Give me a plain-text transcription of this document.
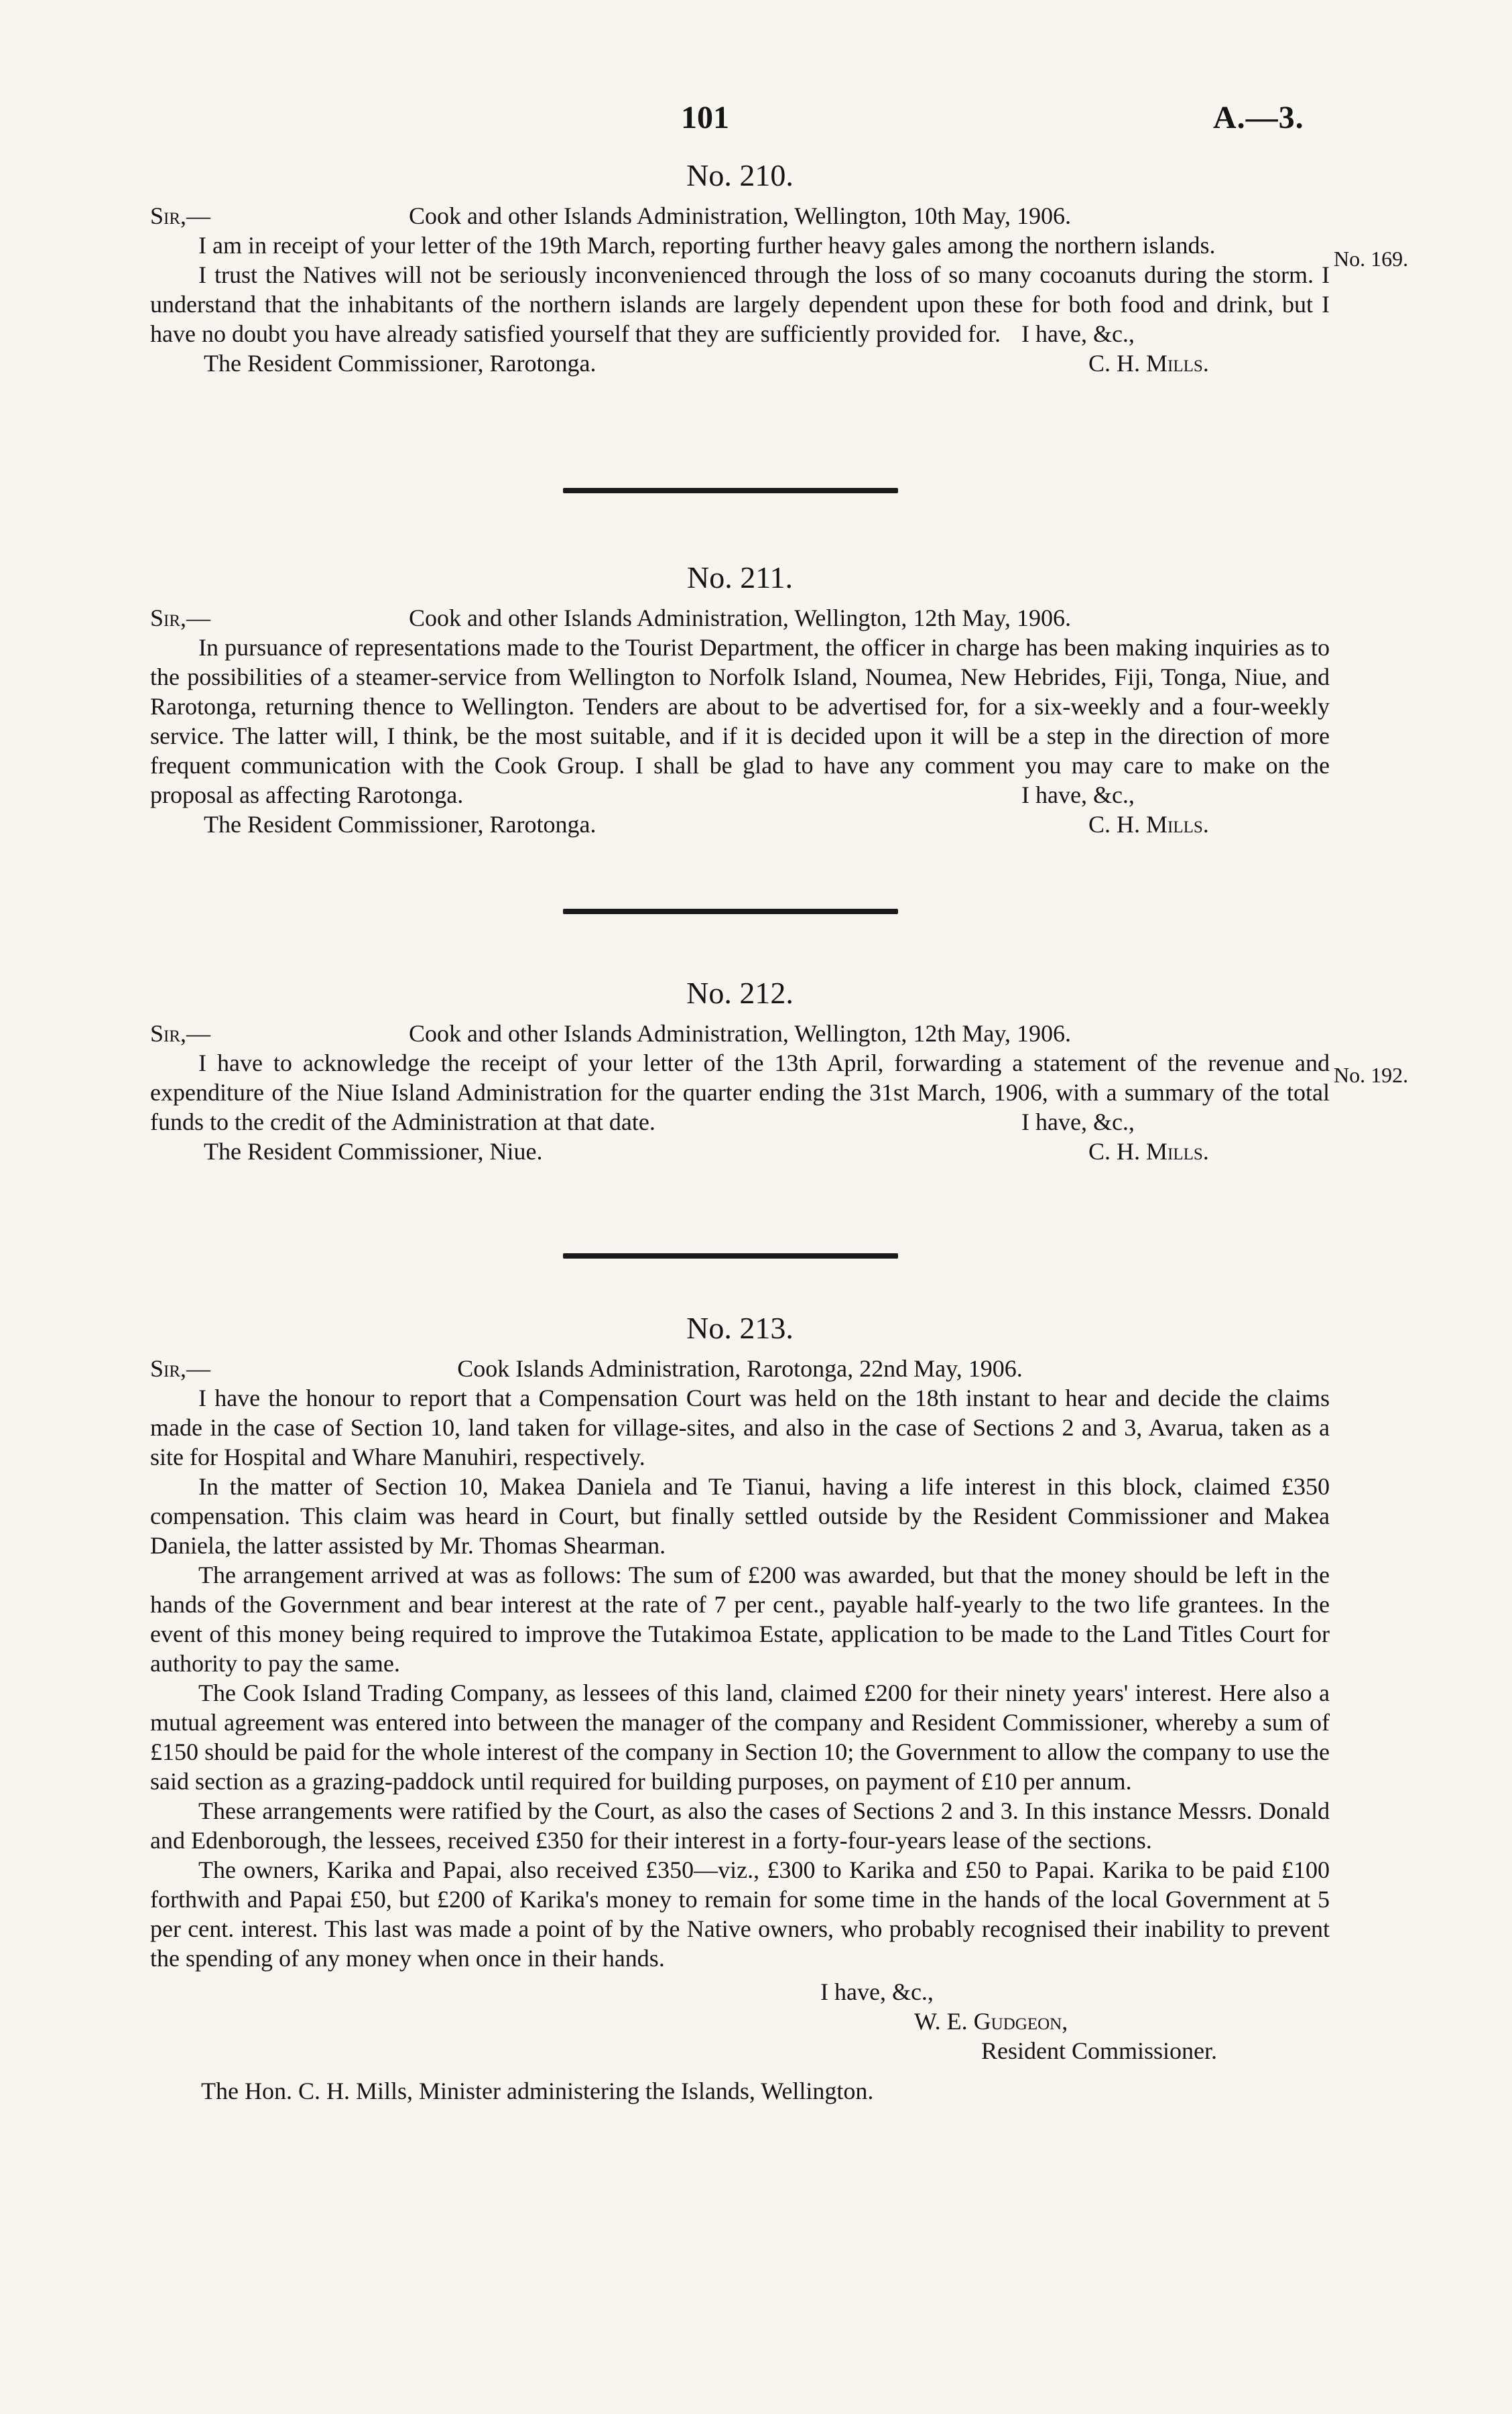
101	A.—3.
No. 210.
Sir,—	Cook and other Islands Administration, Wellington, 10th May, 1906.

I am in receipt of your letter of the 19th March, reporting further heavy gales among the northern islands.

I trust the Natives will not be seriously inconvenienced through the loss of so many cocoanuts during the storm. I understand that the inhabitants of the northern islands are largely dependent upon these for both food and drink, but I have no doubt you have already satisfied yourself that they are sufficiently provided for. I have, &c.,
The Resident Commissioner, Rarotonga.	C. H. Mills.
No. 169.
No. 211.
Sir,—	Cook and other Islands Administration, Wellington, 12th May, 1906.

In pursuance of representations made to the Tourist Department, the officer in charge has been making inquiries as to the possibilities of a steamer-service from Wellington to Norfolk Island, Noumea, New Hebrides, Fiji, Tonga, Niue, and Rarotonga, returning thence to Wellington. Tenders are about to be advertised for, for a six-weekly and a four-weekly service. The latter will, I think, be the most suitable, and if it is decided upon it will be a step in the direction of more frequent communication with the Cook Group. I shall be glad to have any comment you may care to make on the proposal as affecting Rarotonga.	I have, &c.,
The Resident Commissioner, Rarotonga.	C. H. Mills.
No. 212.
Sir,—	Cook and other Islands Administration, Wellington, 12th May, 1906.

I have to acknowledge the receipt of your letter of the 13th April, forwarding a statement of the revenue and expenditure of the Niue Island Administration for the quarter ending the 31st March, 1906, with a summary of the total funds to the credit of the Administration at that date.	I have, &c.,
The Resident Commissioner, Niue.	C. H. Mills.
No. 192.
No. 213.
Sir,—	Cook Islands Administration, Rarotonga, 22nd May, 1906.

I have the honour to report that a Compensation Court was held on the 18th instant to hear and decide the claims made in the case of Section 10, land taken for village-sites, and also in the case of Sections 2 and 3, Avarua, taken as a site for Hospital and Whare Manuhiri, respectively.

In the matter of Section 10, Makea Daniela and Te Tianui, having a life interest in this block, claimed £350 compensation. This claim was heard in Court, but finally settled outside by the Resident Commissioner and Makea Daniela, the latter assisted by Mr. Thomas Shearman.

The arrangement arrived at was as follows: The sum of £200 was awarded, but that the money should be left in the hands of the Government and bear interest at the rate of 7 per cent., payable half-yearly to the two life grantees. In the event of this money being required to improve the Tutakimoa Estate, application to be made to the Land Titles Court for authority to pay the same.

The Cook Island Trading Company, as lessees of this land, claimed £200 for their ninety years' interest. Here also a mutual agreement was entered into between the manager of the company and Resident Commissioner, whereby a sum of £150 should be paid for the whole interest of the company in Section 10; the Government to allow the company to use the said section as a grazing-paddock until required for building purposes, on payment of £10 per annum.

These arrangements were ratified by the Court, as also the cases of Sections 2 and 3. In this instance Messrs. Donald and Edenborough, the lessees, received £350 for their interest in a forty-four-years lease of the sections.

The owners, Karika and Papai, also received £350—viz., £300 to Karika and £50 to Papai. Karika to be paid £100 forthwith and Papai £50, but £200 of Karika's money to remain for some time in the hands of the local Government at 5 per cent. interest. This last was made a point of by the Native owners, who probably recognised their inability to prevent the spending of any money when once in their hands.

I have, &c.,
W. E. Gudgeon,
Resident Commissioner.
The Hon. C. H. Mills, Minister administering the Islands, Wellington.
